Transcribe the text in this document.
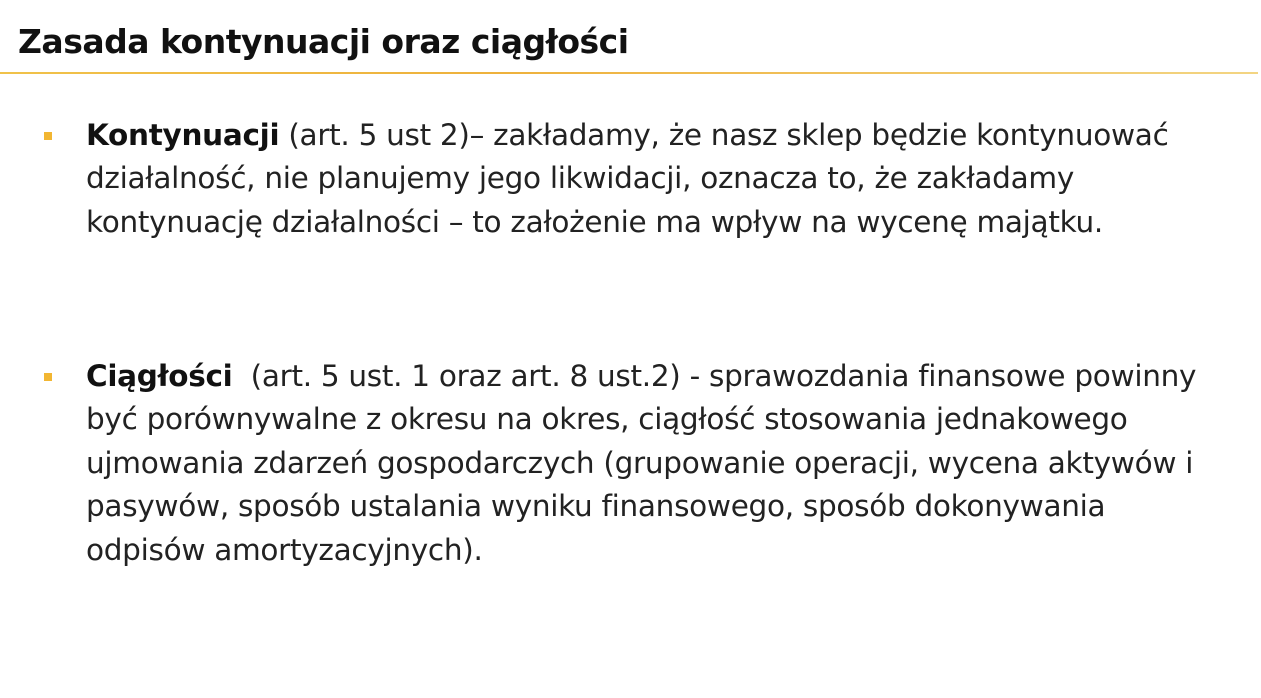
Zasada kontynuacji oraz ciągłości

Kontynuacji (art. 5 ust 2)– zakładamy, że nasz sklep będzie kontynuować działalność, nie planujemy jego likwidacji, oznacza to, że zakładamy kontynuację działalności – to założenie ma wpływ na wycenę majątku.

Ciągłości  (art. 5 ust. 1 oraz art. 8 ust.2) - sprawozdania finansowe powinny być porównywalne z okresu na okres, ciągłość stosowania jednakowego ujmowania zdarzeń gospodarczych (grupowanie operacji, wycena aktywów i pasywów, sposób ustalania wyniku finansowego, sposób dokonywania odpisów amortyzacyjnych).
